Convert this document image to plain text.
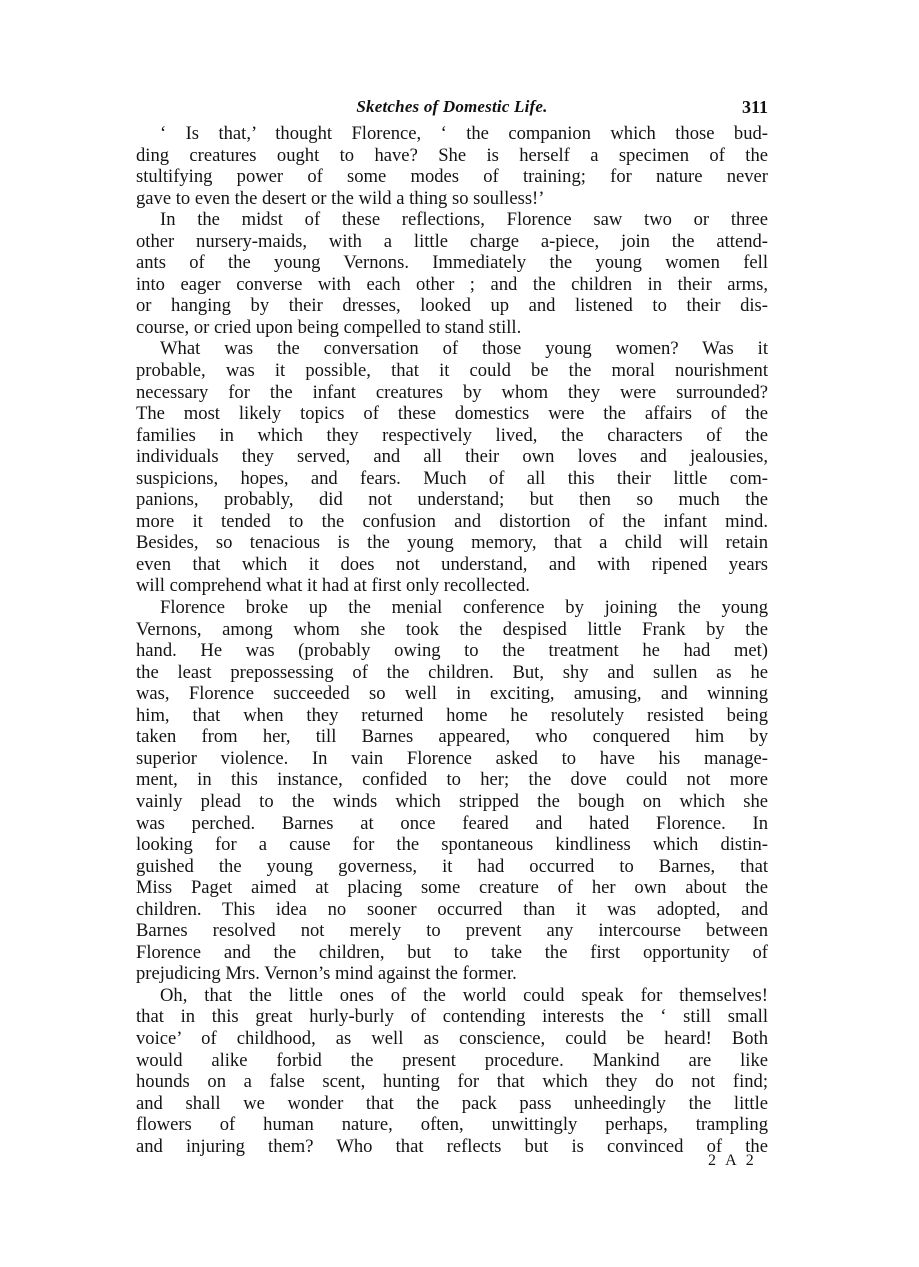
Sketches of Domestic Life.	311
‘ Is that,’ thought Florence, ‘ the companion which those bud-
ding creatures ought to have? She is herself a specimen of the
stultifying power of some modes of training; for nature never
gave to even the desert or the wild a thing so soulless!’
In the midst of these reflections, Florence saw two or three
other nursery-maids, with a little charge a-piece, join the attend-
ants of the young Vernons. Immediately the young women fell
into eager converse with each other ; and the children in their arms,
or hanging by their dresses, looked up and listened to their dis-
course, or cried upon being compelled to stand still.
What was the conversation of those young women? Was it
probable, was it possible, that it could be the moral nourishment
necessary for the infant creatures by whom they were surrounded?
The most likely topics of these domestics were the affairs of the
families in which they respectively lived, the characters of the
individuals they served, and all their own loves and jealousies,
suspicions, hopes, and fears. Much of all this their little com-
panions, probably, did not understand; but then so much the
more it tended to the confusion and distortion of the infant mind.
Besides, so tenacious is the young memory, that a child will retain
even that which it does not understand, and with ripened years
will comprehend what it had at first only recollected.
Florence broke up the menial conference by joining the young
Vernons, among whom she took the despised little Frank by the
hand. He was (probably owing to the treatment he had met)
the least prepossessing of the children. But, shy and sullen as he
was, Florence succeeded so well in exciting, amusing, and winning
him, that when they returned home he resolutely resisted being
taken from her, till Barnes appeared, who conquered him by
superior violence. In vain Florence asked to have his manage-
ment, in this instance, confided to her; the dove could not more
vainly plead to the winds which stripped the bough on which she
was perched. Barnes at once feared and hated Florence. In
looking for a cause for the spontaneous kindliness which distin-
guished the young governess, it had occurred to Barnes, that
Miss Paget aimed at placing some creature of her own about the
children. This idea no sooner occurred than it was adopted, and
Barnes resolved not merely to prevent any intercourse between
Florence and the children, but to take the first opportunity of
prejudicing Mrs. Vernon’s mind against the former.
Oh, that the little ones of the world could speak for themselves!
that in this great hurly-burly of contending interests the ‘ still small
voice’ of childhood, as well as conscience, could be heard! Both
would alike forbid the present procedure. Mankind are like
hounds on a false scent, hunting for that which they do not find;
and shall we wonder that the pack pass unheedingly the little
flowers of human nature, often, unwittingly perhaps, trampling
and injuring them? Who that reflects but is convinced of the
2 A 2
